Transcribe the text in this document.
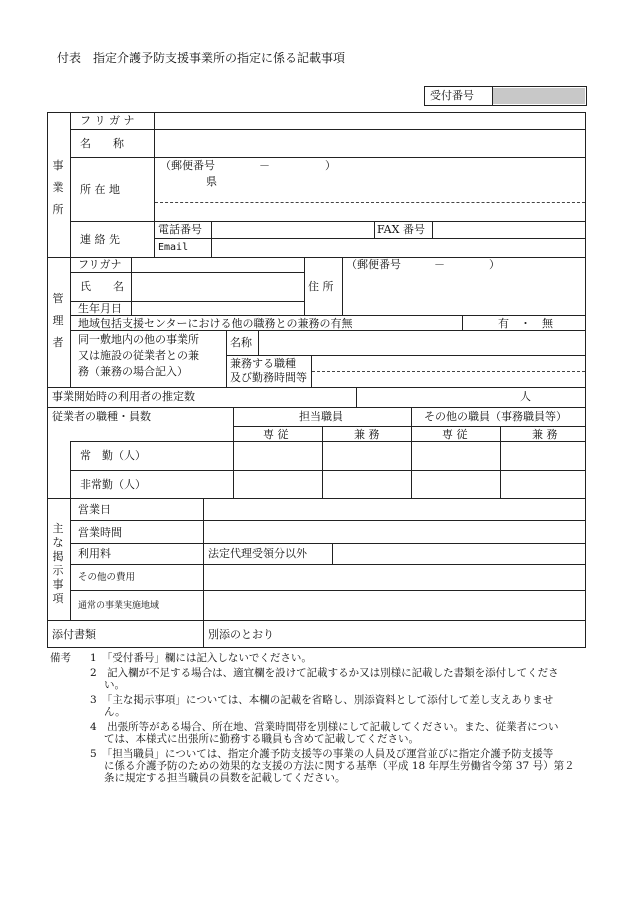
付表　指定介護予防支援事業所の指定に係る記載事項
受付番号
事業所
フ リ ガ ナ
名　　称
所 在 地
（郵便番号　　　　－　　　　　）
県
連 絡 先
電話番号	FAX 番号
Email
管理者
フリガナ
氏　　名
生年月日
住 所
（郵便番号　　　－　　　　）
地域包括支援センターにおける他の職務との兼務の有無	有　・　無
同一敷地内の他の事業所
又は施設の従業者との兼
務（兼務の場合記入）
名称
兼務する職種
及び勤務時間等
事業開始時の利用者の推定数	人
従業者の職種・員数	担当職員	その他の職員（事務職員等）
専 従	兼 務	専 従	兼 務
常　勤（人）
非常勤（人）
主な掲示事項
営業日
営業時間
利用料	法定代理受領分以外
その他の費用
通常の事業実施地域
添付書類	別添のとおり
備考 1　「受付番号」欄には記入しないでください。
2　記入欄が不足する場合は、適宜欄を設けて記載するか又は別様に記載した書類を添付してくださ
い。
3　「主な掲示事項」については、本欄の記載を省略し、別添資料として添付して差し支えありませ
ん。
4　出張所等がある場合、所在地、営業時間帯を別様にして記載してください。また、従業者につい
ては、本様式に出張所に勤務する職員も含めて記載してください。
5　「担当職員」については、指定介護予防支援等の事業の人員及び運営並びに指定介護予防支援等
に係る介護予防のための効果的な支援の方法に関する基準（平成 18 年厚生労働省令第 37 号）第２
条に規定する担当職員の員数を記載してください。
